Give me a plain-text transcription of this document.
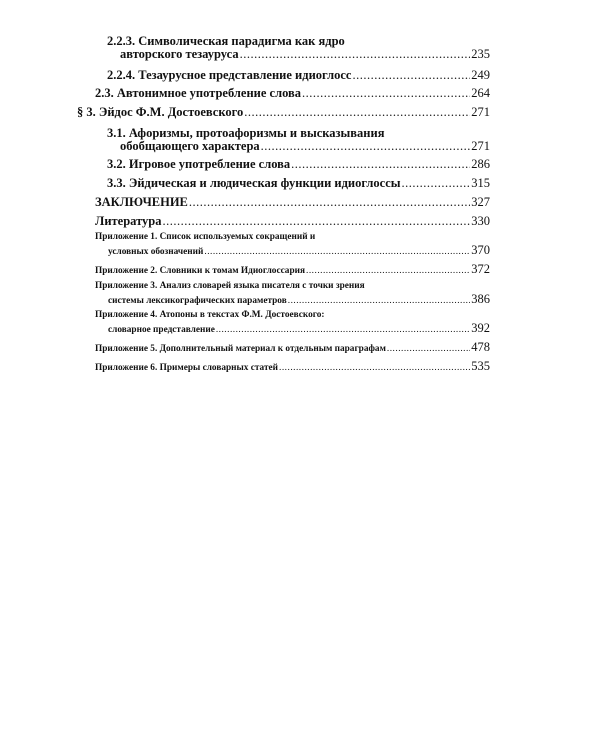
2.2.3. Символическая парадигма как ядро
авторского тезауруса .....	235
2.2.4. Тезаурусное представление идиоглосс .....	249
2.3. Автонимное употребление слова .....	264
§ 3. Эйдос Ф.М. Достоевского .....	271
3.1. Афоризмы, протоафоризмы и высказывания
обобщающего характера .....	271
3.2. Игровое употребление слова .....	286
3.3. Эйдическая и людическая функции идиоглоссы .....	315
ЗАКЛЮЧЕНИЕ .....	327
Литература .....	330
Приложение 1. Список используемых сокращений и
условных обозначений .....	370
Приложение 2. Словники к томам Идиоглоссария .....	372
Приложение 3. Анализ словарей языка писателя с точки зрения
системы лексикографических параметров .....	386
Приложение 4. Атопоны в текстах Ф.М. Достоевского:
словарное представление .....	392
Приложение 5. Дополнительный материал к отдельным параграфам .....	478
Приложение 6. Примеры словарных статей .....	535
